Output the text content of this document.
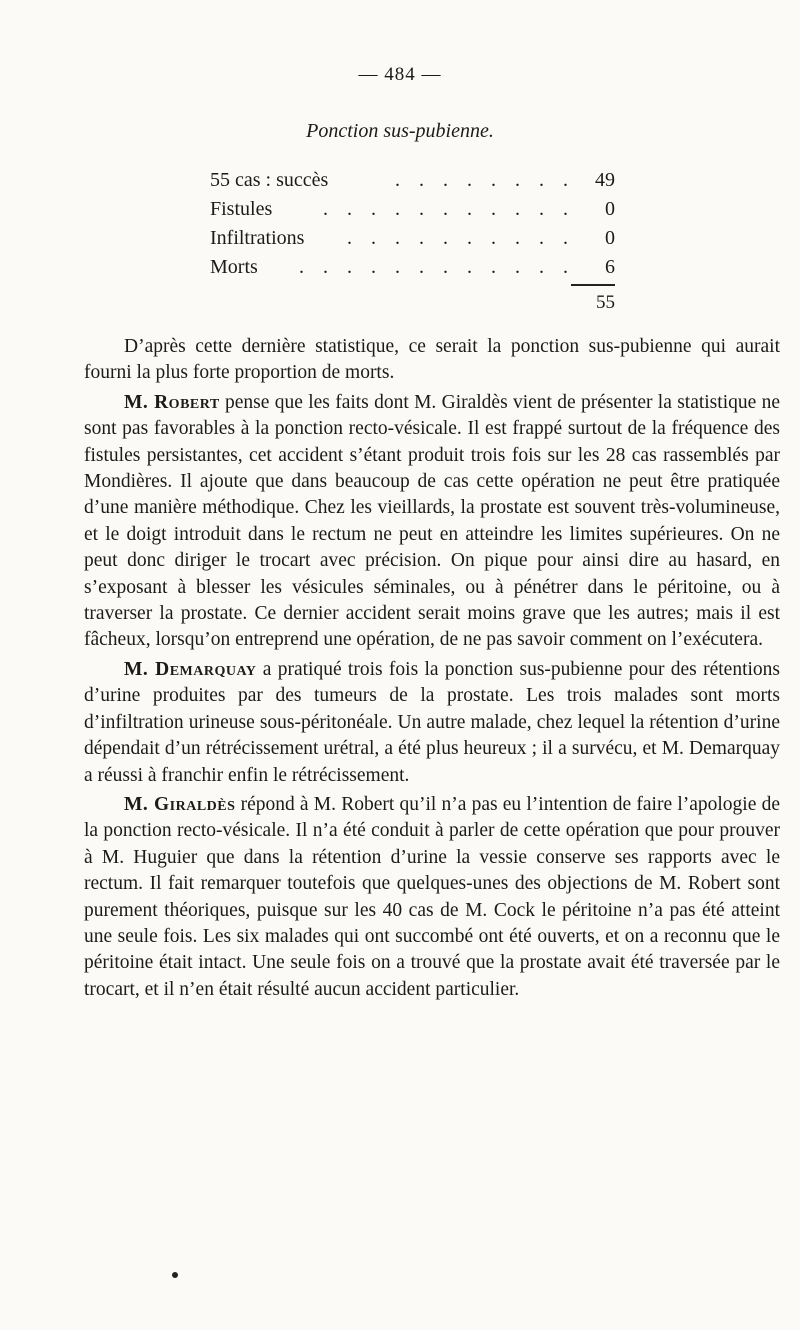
— 484 —
Ponction sus-pubienne.
55 cas : succès	. . . . . . . .	49
Fistules	. . . . . . . . . . .	0
Infiltrations . . . . . . . . . .	0
Morts . . . . . . . . . . . .	6
55

D’après cette dernière statistique, ce serait la ponction sus-pubienne qui aurait fourni la plus forte proportion de morts.

M. Robert pense que les faits dont M. Giraldès vient de présenter la statistique ne sont pas favorables à la ponction recto-vésicale. Il est frappé surtout de la fréquence des fistules persistantes, cet accident s’étant produit trois fois sur les 28 cas rassemblés par Mondières. Il ajoute que dans beaucoup de cas cette opération ne peut être pratiquée d’une manière méthodique. Chez les vieillards, la prostate est souvent très-volumineuse, et le doigt introduit dans le rectum ne peut en atteindre les limites supérieures. On ne peut donc diriger le trocart avec précision. On pique pour ainsi dire au hasard, en s’exposant à blesser les vésicules séminales, ou à pénétrer dans le péritoine, ou à traverser la prostate. Ce dernier accident serait moins grave que les autres; mais il est fâcheux, lorsqu’on entreprend une opération, de ne pas savoir comment on l’exécutera.

M. Demarquay a pratiqué trois fois la ponction sus-pubienne pour des rétentions d’urine produites par des tumeurs de la prostate. Les trois malades sont morts d’infiltration urineuse sous-péritonéale. Un autre malade, chez lequel la rétention d’urine dépendait d’un rétrécissement urétral, a été plus heureux ; il a survécu, et M. Demarquay a réussi à franchir enfin le rétrécissement.

M. Giraldès répond à M. Robert qu’il n’a pas eu l’intention de faire l’apologie de la ponction recto-vésicale. Il n’a été conduit à parler de cette opération que pour prouver à M. Huguier que dans la rétention d’urine la vessie conserve ses rapports avec le rectum. Il fait remarquer toutefois que quelques-unes des objections de M. Robert sont purement théoriques, puisque sur les 40 cas de M. Cock le péritoine n’a pas été atteint une seule fois. Les six malades qui ont succombé ont été ouverts, et on a reconnu que le péritoine était intact. Une seule fois on a trouvé que la prostate avait été traversée par le trocart, et il n’en était résulté aucun accident particulier.
